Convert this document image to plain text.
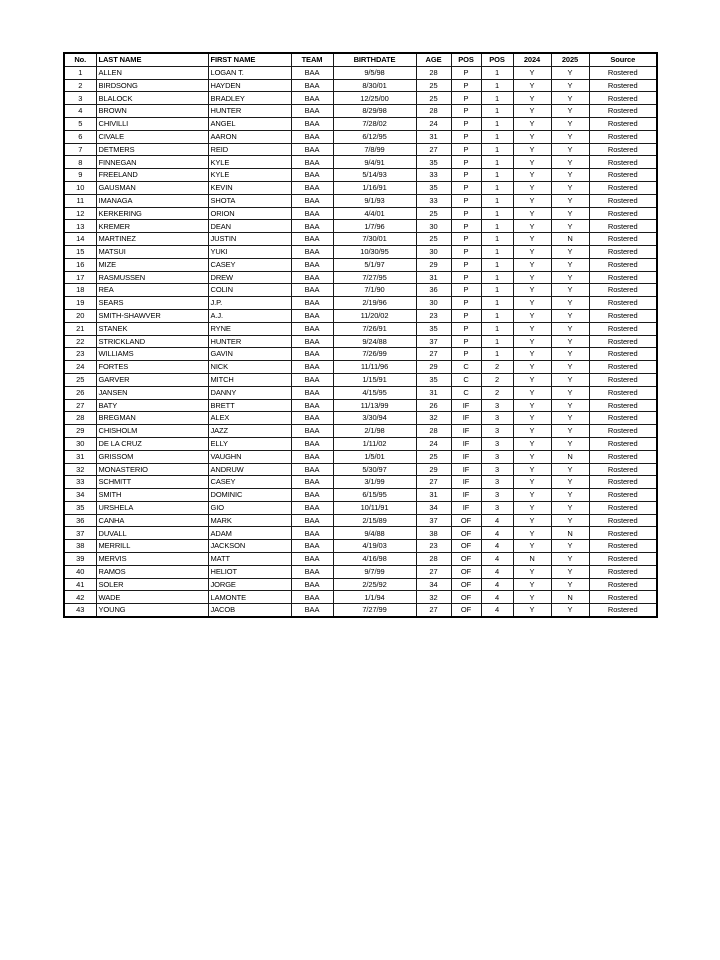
No.	LAST NAME	FIRST NAME	TEAM	BIRTHDATE	AGE	POS	POS	2024	2025	Source
1	ALLEN	LOGAN T.	BAA	9/5/98	28	P	1	Y	Y	Rostered
2	BIRDSONG	HAYDEN	BAA	8/30/01	25	P	1	Y	Y	Rostered
3	BLALOCK	BRADLEY	BAA	12/25/00	25	P	1	Y	Y	Rostered
4	BROWN	HUNTER	BAA	8/29/98	28	P	1	Y	Y	Rostered
5	CHIVILLI	ANGEL	BAA	7/28/02	24	P	1	Y	Y	Rostered
6	CIVALE	AARON	BAA	6/12/95	31	P	1	Y	Y	Rostered
7	DETMERS	REID	BAA	7/8/99	27	P	1	Y	Y	Rostered
8	FINNEGAN	KYLE	BAA	9/4/91	35	P	1	Y	Y	Rostered
9	FREELAND	KYLE	BAA	5/14/93	33	P	1	Y	Y	Rostered
10	GAUSMAN	KEVIN	BAA	1/16/91	35	P	1	Y	Y	Rostered
11	IMANAGA	SHOTA	BAA	9/1/93	33	P	1	Y	Y	Rostered
12	KERKERING	ORION	BAA	4/4/01	25	P	1	Y	Y	Rostered
13	KREMER	DEAN	BAA	1/7/96	30	P	1	Y	Y	Rostered
14	MARTINEZ	JUSTIN	BAA	7/30/01	25	P	1	Y	N	Rostered
15	MATSUI	YUKI	BAA	10/30/95	30	P	1	Y	Y	Rostered
16	MIZE	CASEY	BAA	5/1/97	29	P	1	Y	Y	Rostered
17	RASMUSSEN	DREW	BAA	7/27/95	31	P	1	Y	Y	Rostered
18	REA	COLIN	BAA	7/1/90	36	P	1	Y	Y	Rostered
19	SEARS	J.P.	BAA	2/19/96	30	P	1	Y	Y	Rostered
20	SMITH-SHAWVER	A.J.	BAA	11/20/02	23	P	1	Y	Y	Rostered
21	STANEK	RYNE	BAA	7/26/91	35	P	1	Y	Y	Rostered
22	STRICKLAND	HUNTER	BAA	9/24/88	37	P	1	Y	Y	Rostered
23	WILLIAMS	GAVIN	BAA	7/26/99	27	P	1	Y	Y	Rostered
24	FORTES	NICK	BAA	11/11/96	29	C	2	Y	Y	Rostered
25	GARVER	MITCH	BAA	1/15/91	35	C	2	Y	Y	Rostered
26	JANSEN	DANNY	BAA	4/15/95	31	C	2	Y	Y	Rostered
27	BATY	BRETT	BAA	11/13/99	26	IF	3	Y	Y	Rostered
28	BREGMAN	ALEX	BAA	3/30/94	32	IF	3	Y	Y	Rostered
29	CHISHOLM	JAZZ	BAA	2/1/98	28	IF	3	Y	Y	Rostered
30	DE LA CRUZ	ELLY	BAA	1/11/02	24	IF	3	Y	Y	Rostered
31	GRISSOM	VAUGHN	BAA	1/5/01	25	IF	3	Y	N	Rostered
32	MONASTERIO	ANDRUW	BAA	5/30/97	29	IF	3	Y	Y	Rostered
33	SCHMITT	CASEY	BAA	3/1/99	27	IF	3	Y	Y	Rostered
34	SMITH	DOMINIC	BAA	6/15/95	31	IF	3	Y	Y	Rostered
35	URSHELA	GIO	BAA	10/11/91	34	IF	3	Y	Y	Rostered
36	CANHA	MARK	BAA	2/15/89	37	OF	4	Y	Y	Rostered
37	DUVALL	ADAM	BAA	9/4/88	38	OF	4	Y	N	Rostered
38	MERRILL	JACKSON	BAA	4/19/03	23	OF	4	Y	Y	Rostered
39	MERVIS	MATT	BAA	4/16/98	28	OF	4	N	Y	Rostered
40	RAMOS	HELIOT	BAA	9/7/99	27	OF	4	Y	Y	Rostered
41	SOLER	JORGE	BAA	2/25/92	34	OF	4	Y	Y	Rostered
42	WADE	LAMONTE	BAA	1/1/94	32	OF	4	Y	N	Rostered
43	YOUNG	JACOB	BAA	7/27/99	27	OF	4	Y	Y	Rostered
